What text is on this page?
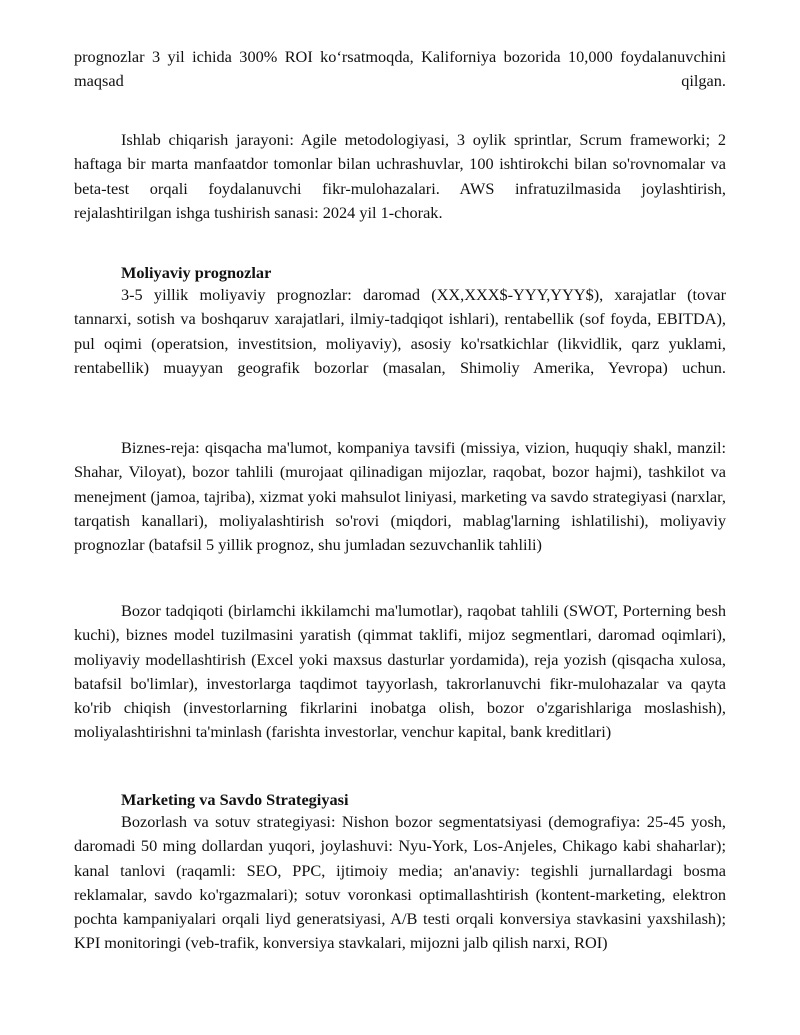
prognozlar 3 yil ichida 300% ROI ko‘rsatmoqda, Kaliforniya bozorida 10,000 foydalanuvchini maqsad qilgan.

Ishlab chiqarish jarayoni: Agile metodologiyasi, 3 oylik sprintlar, Scrum frameworki; 2 haftaga bir marta manfaatdor tomonlar bilan uchrashuvlar, 100 ishtirokchi bilan so'rovnomalar va beta-test orqali foydalanuvchi fikr-mulohazalari. AWS infratuzilmasida joylashtirish, rejalashtirilgan ishga tushirish sanasi: 2024 yil 1-chorak.

Moliyaviy prognozlar

3-5 yillik moliyaviy prognozlar: daromad (XX,XXX$-YYY,YYY$), xarajatlar (tovar tannarxi, sotish va boshqaruv xarajatlari, ilmiy-tadqiqot ishlari), rentabellik (sof foyda, EBITDA), pul oqimi (operatsion, investitsion, moliyaviy), asosiy ko'rsatkichlar (likvidlik, qarz yuklami, rentabellik) muayyan geografik bozorlar (masalan, Shimoliy Amerika, Yevropa) uchun.

Biznes-reja: qisqacha ma'lumot, kompaniya tavsifi (missiya, vizion, huquqiy shakl, manzil: Shahar, Viloyat), bozor tahlili (murojaat qilinadigan mijozlar, raqobat, bozor hajmi), tashkilot va menejment (jamoa, tajriba), xizmat yoki mahsulot liniyasi, marketing va savdo strategiyasi (narxlar, tarqatish kanallari), moliyalashtirish so'rovi (miqdori, mablag'larning ishlatilishi), moliyaviy prognozlar (batafsil 5 yillik prognoz, shu jumladan sezuvchanlik tahlili)

Bozor tadqiqoti (birlamchi ikkilamchi ma'lumotlar), raqobat tahlili (SWOT, Porterning besh kuchi), biznes model tuzilmasini yaratish (qimmat taklifi, mijoz segmentlari, daromad oqimlari), moliyaviy modellashtirish (Excel yoki maxsus dasturlar yordamida), reja yozish (qisqacha xulosa, batafsil bo'limlar), investorlarga taqdimot tayyorlash, takrorlanuvchi fikr-mulohazalar va qayta ko'rib chiqish (investorlarning fikrlarini inobatga olish, bozor o'zgarishlariga moslashish), moliyalashtirishni ta'minlash (farishta investorlar, venchur kapital, bank kreditlari)

Marketing va Savdo Strategiyasi

Bozorlash va sotuv strategiyasi: Nishon bozor segmentatsiyasi (demografiya: 25-45 yosh, daromadi 50 ming dollardan yuqori, joylashuvi: Nyu-York, Los-Anjeles, Chikago kabi shaharlar); kanal tanlovi (raqamli: SEO, PPC, ijtimoiy media; an'anaviy: tegishli jurnallardagi bosma reklamalar, savdo ko'rgazmalari); sotuv voronkasi optimallashtirish (kontent-marketing, elektron pochta kampaniyalari orqali liyd generatsiyasi, A/B testi orqali konversiya stavkasini yaxshilash); KPI monitoringi (veb-trafik, konversiya stavkalari, mijozni jalb qilish narxi, ROI)
